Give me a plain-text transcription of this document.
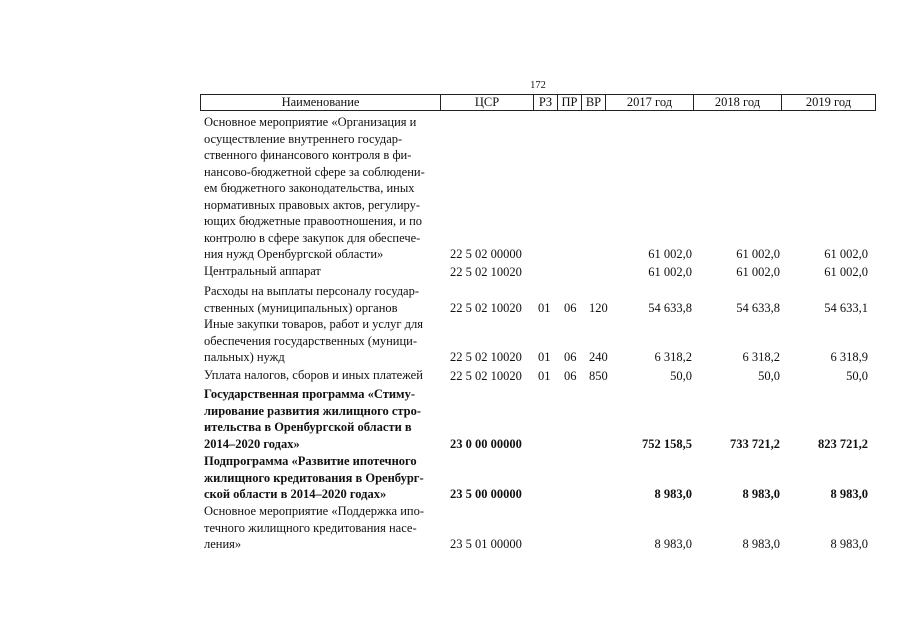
172
Наименование	ЦСР	РЗ ПР ВР	2017 год	2018 год	2019 год
Основное мероприятие «Организация и
осуществление внутреннего государ-
ственного финансового контроля в фи-
нансово-бюджетной сфере за соблюдени-
ем бюджетного законодательства, иных
нормативных правовых актов, регулиру-
ющих бюджетные правоотношения, и по
контролю в сфере закупок для обеспече-
ния нужд Оренбургской области»	22 5 02 00000	61 002,0	61 002,0	61 002,0
Центральный аппарат	22 5 02 10020	61 002,0	61 002,0	61 002,0
Расходы на выплаты персоналу государ-
ственных (муниципальных) органов	22 5 02 10020 01 06 120	54 633,8	54 633,8	54 633,1
Иные закупки товаров, работ и услуг для
обеспечения государственных (муници-
пальных) нужд	22 5 02 10020 01 06 240	6 318,2	6 318,2	6 318,9
Уплата налогов, сборов и иных платежей	22 5 02 10020 01 06 850	50,0	50,0	50,0
Государственная программа «Стиму-
лирование развития жилищного стро-
ительства в Оренбургской области в
2014–2020 годах»	23 0 00 00000	752 158,5	733 721,2	823 721,2
Подпрограмма «Развитие ипотечного
жилищного кредитования в Оренбург-
ской области в 2014–2020 годах»	23 5 00 00000	8 983,0	8 983,0	8 983,0
Основное мероприятие «Поддержка ипо-
течного жилищного кредитования насе-
ления»	23 5 01 00000	8 983,0	8 983,0	8 983,0
